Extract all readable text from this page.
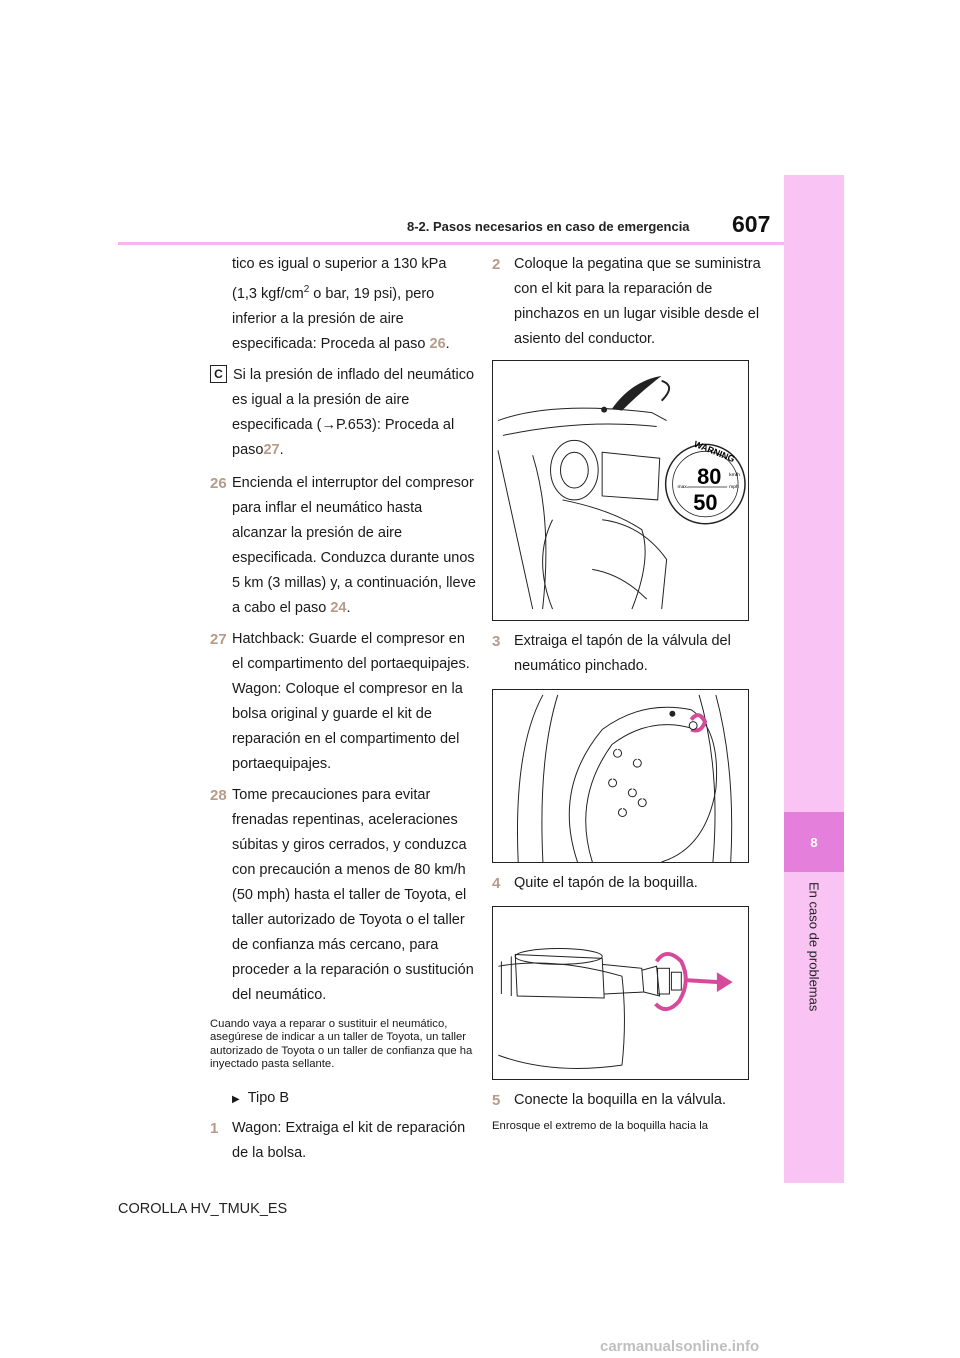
8
En caso de problemas
8-2. Pasos necesarios en caso de emergencia 607

tico es igual o superior a 130 kPa
(1,3 kgf/$cm^2$ o bar, 19 psi), pero inferior a la presión de aire especificada: Proceda al paso 26.

C Si la presión de inflado del neumático es igual a la presión de aire especificada (→P.653): Proceda al paso27.

26 Encienda el interruptor del compresor para inflar el neumático hasta alcanzar la presión de aire especificada. Conduzca durante unos 5 km (3 millas) y, a continuación, lleve a cabo el paso 24.
27 Hatchback: Guarde el compresor en el compartimento del portaequipajes.
Wagon: Coloque el compresor en la bolsa original y guarde el kit de reparación en el compartimento del portaequipajes.
28 Tome precauciones para evitar frenadas repentinas, aceleraciones súbitas y giros cerrados, y conduzca con precaución a menos de 80 km/h (50 mph) hasta el taller de Toyota, el taller autorizado de Toyota o el taller de confianza más cercano, para proceder a la reparación o sustitución del neumático.

Cuando vaya a reparar o sustituir el neumático, asegúrese de indicar a un taller de Toyota, un taller autorizado de Toyota o un taller de confianza que ha inyectado pasta sellante.

▶ Tipo B
1 Wagon: Extraiga el kit de reparación de la bolsa.
2 Coloque la pegatina que se suministra con el kit para la reparación de pinchazos en un lugar visible desde el asiento del conductor.
WARNING
80
50
km/h
mph
max.
3 Extraiga el tapón de la válvula del neumático pinchado.
4 Quite el tapón de la boquilla.
5 Conecte la boquilla en la válvula.
Enrosque el extremo de la boquilla hacia la
COROLLA HV_TMUK_ES
carmanualsonline.info
